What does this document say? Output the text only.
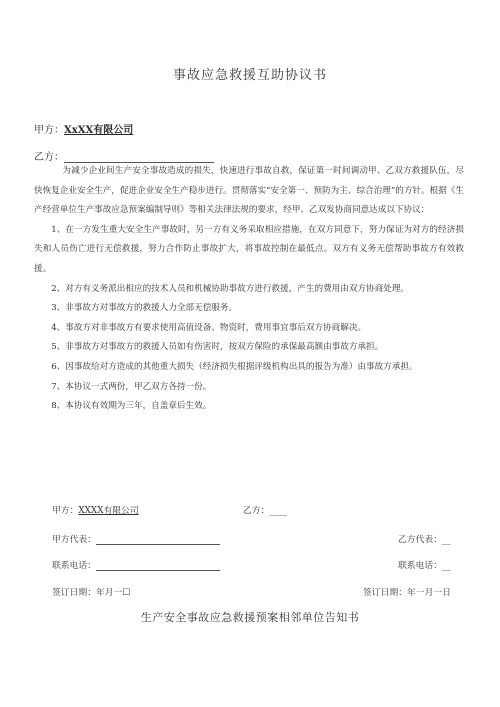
事故应急救援互助协议书
甲方：XxXX有限公司
乙方：

为减少企业间生产安全事故造成的损失，快速进行事故自救，保证第一时间调动甲、乙双方救援队伍，尽快恢复企业安全生产，促进企业安全生产稳步进行。贯彻落实“安全第一、预防为主、综合治理”的方针。根据《生产经营单位生产事故应急预案编制导则》等相关法律法规的要求，经甲、乙双发协商同意达成以下协议：

1、在一方发生重大安全生产事故时，另一方有义务采取相应措施，在双方同意下，努力保证为对方的经济损失和人员伤亡进行无偿救援，努力合作防止事故扩大，将事故控制在最低点。双方有义务无偿帮助事故方有效救援。

2、对方有义务派出相应的技术人员和机械协助事故方进行救援，产生的费用由双方协商处理。

3、非事故方对事故方的救援人力全部无偿服务。

4、事故方对非事故方有要求使用高值设备、物资时，费用事宜事后双方协商解决。

5、非事故方对事故方的救援人员如有伤害时，按双方保险的承保最高额由事故方承担。

6、因事故给对方造成的其他重大损失（经济损失根据评级机构出具的报告为准）由事故方承担。

7、本协议一式两份，甲乙双方各持一份。

8、本协议有效期为三年，自盖章后生效。

甲方：XXXX有限公司	乙方：____
甲方代表：	乙方代表：__
联系电话：	联系电话：__
签订日期：年月一☐	签订日期：年一月一日
生产安全事故应急救援预案相邻单位告知书
